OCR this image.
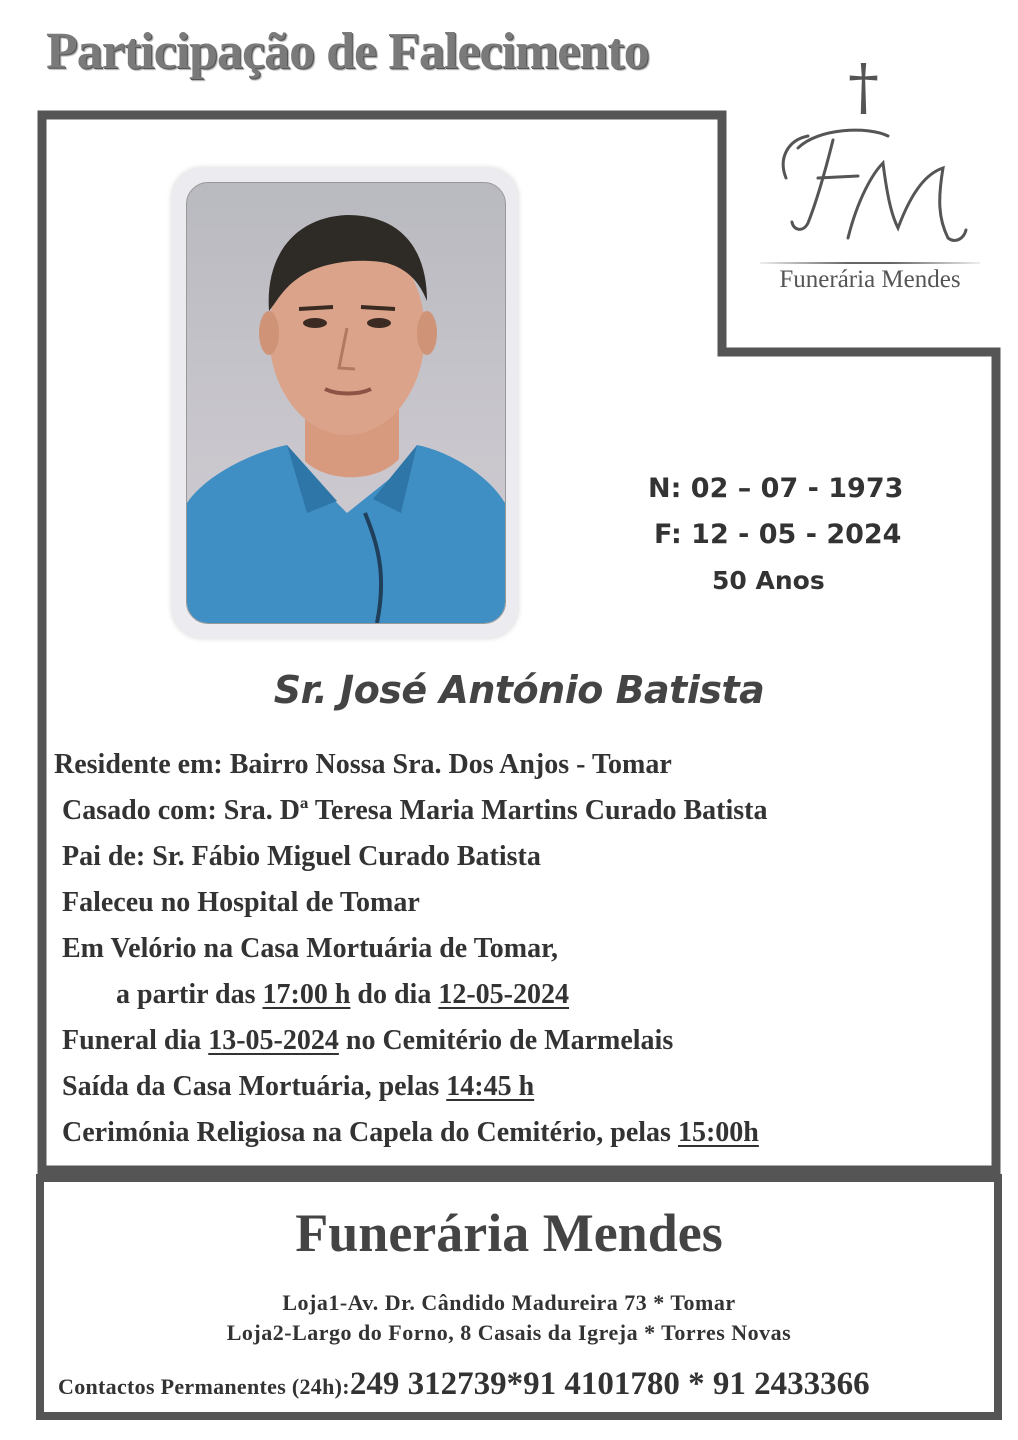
Participação de Falecimento	†
Funerária Mendes
N: 02 – 07 - 1973
F: 12 - 05 - 2024
50 Anos
Sr. José António Batista
Residente em: Bairro Nossa Sra. Dos Anjos - Tomar
Casado com: Sra. Dª Teresa Maria Martins Curado Batista
Pai de: Sr. Fábio Miguel Curado Batista
Faleceu no Hospital de Tomar
Em Velório na Casa Mortuária de Tomar,
a partir das 17:00 h do dia 12-05-2024
Funeral dia 13-05-2024 no Cemitério de Marmelais
Saída da Casa Mortuária, pelas 14:45 h
Cerimónia Religiosa na Capela do Cemitério, pelas 15:00h
Funerária Mendes
Loja1-Av. Dr. Cândido Madureira 73 * Tomar
Loja2-Largo do Forno, 8 Casais da Igreja * Torres Novas
Contactos Permanentes (24h):249 312739*91 4101780 * 91 2433366
